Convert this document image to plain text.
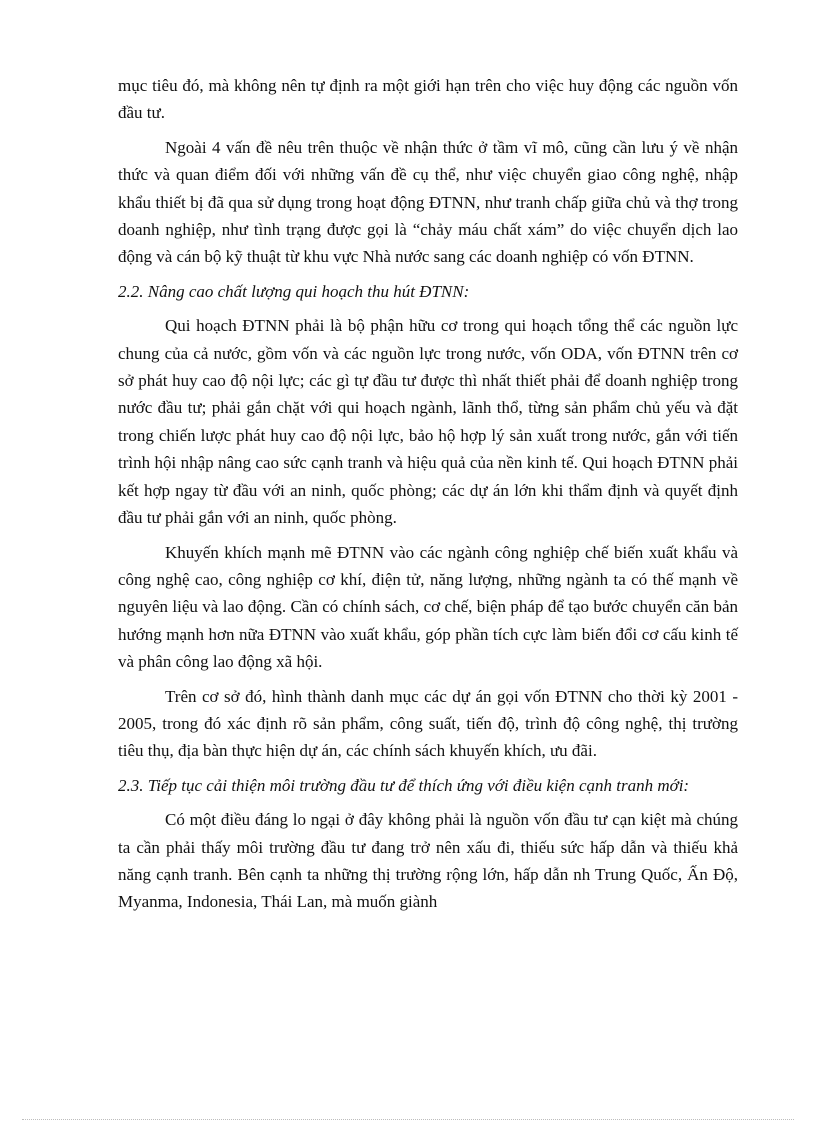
mục tiêu đó, mà không nên tự định ra một giới hạn trên cho việc huy động các nguồn vốn đầu tư.

Ngoài 4 vấn đề nêu trên thuộc về nhận thức ở tầm vĩ mô, cũng cần lưu ý về nhận thức và quan điểm đối với những vấn đề cụ thể, như việc chuyển giao công nghệ, nhập khẩu thiết bị đã qua sử dụng trong hoạt động ĐTNN, như tranh chấp giữa chủ và thợ trong doanh nghiệp, như tình trạng được gọi là “chảy máu chất xám” do việc chuyển dịch lao động và cán bộ kỹ thuật từ khu vực Nhà nước sang các doanh nghiệp có vốn ĐTNN.

2.2. Nâng cao chất lượng qui hoạch thu hút ĐTNN:

Qui hoạch ĐTNN phải là bộ phận hữu cơ trong qui hoạch tổng thể các nguồn lực chung của cả nước, gồm vốn và các nguồn lực trong nước, vốn ODA, vốn ĐTNN trên cơ sở phát huy cao độ nội lực; các gì tự đầu tư được thì nhất thiết phải để doanh nghiệp trong nước đầu tư; phải gắn chặt với qui hoạch ngành, lãnh thổ, từng sản phẩm chủ yếu và đặt trong chiến lược phát huy cao độ nội lực, bảo hộ hợp lý sản xuất trong nước, gắn với tiến trình hội nhập nâng cao sức cạnh tranh và hiệu quả của nền kinh tế. Qui hoạch ĐTNN phải kết hợp ngay từ đầu với an ninh, quốc phòng; các dự án lớn khi thẩm định và quyết định đầu tư phải gắn với an ninh, quốc phòng.

Khuyến khích mạnh mẽ ĐTNN vào các ngành công nghiệp chế biến xuất khẩu và công nghệ cao, công nghiệp cơ khí, điện tử, năng lượng, những ngành ta có thế mạnh về nguyên liệu và lao động. Cần có chính sách, cơ chế, biện pháp để tạo bước chuyển căn bản hướng mạnh hơn nữa ĐTNN vào xuất khẩu, góp phần tích cực làm biến đổi cơ cấu kinh tế và phân công lao động xã hội.

Trên cơ sở đó, hình thành danh mục các dự án gọi vốn ĐTNN cho thời kỳ 2001 - 2005, trong đó xác định rõ sản phẩm, công suất, tiến độ, trình độ công nghệ, thị trường tiêu thụ, địa bàn thực hiện dự án, các chính sách khuyến khích, ưu đãi.

2.3. Tiếp tục cải thiện môi trường đầu tư để thích ứng với điều kiện cạnh tranh mới:

Có một điều đáng lo ngại ở đây không phải là nguồn vốn đầu tư cạn kiệt mà chúng ta cần phải thấy môi trường đầu tư đang trở nên xấu đi, thiếu sức hấp dẫn và thiếu khả năng cạnh tranh. Bên cạnh ta những thị trường rộng lớn, hấp dẫn nh Trung Quốc, Ấn Độ, Myanma, Indonesia, Thái Lan, mà muốn giành
